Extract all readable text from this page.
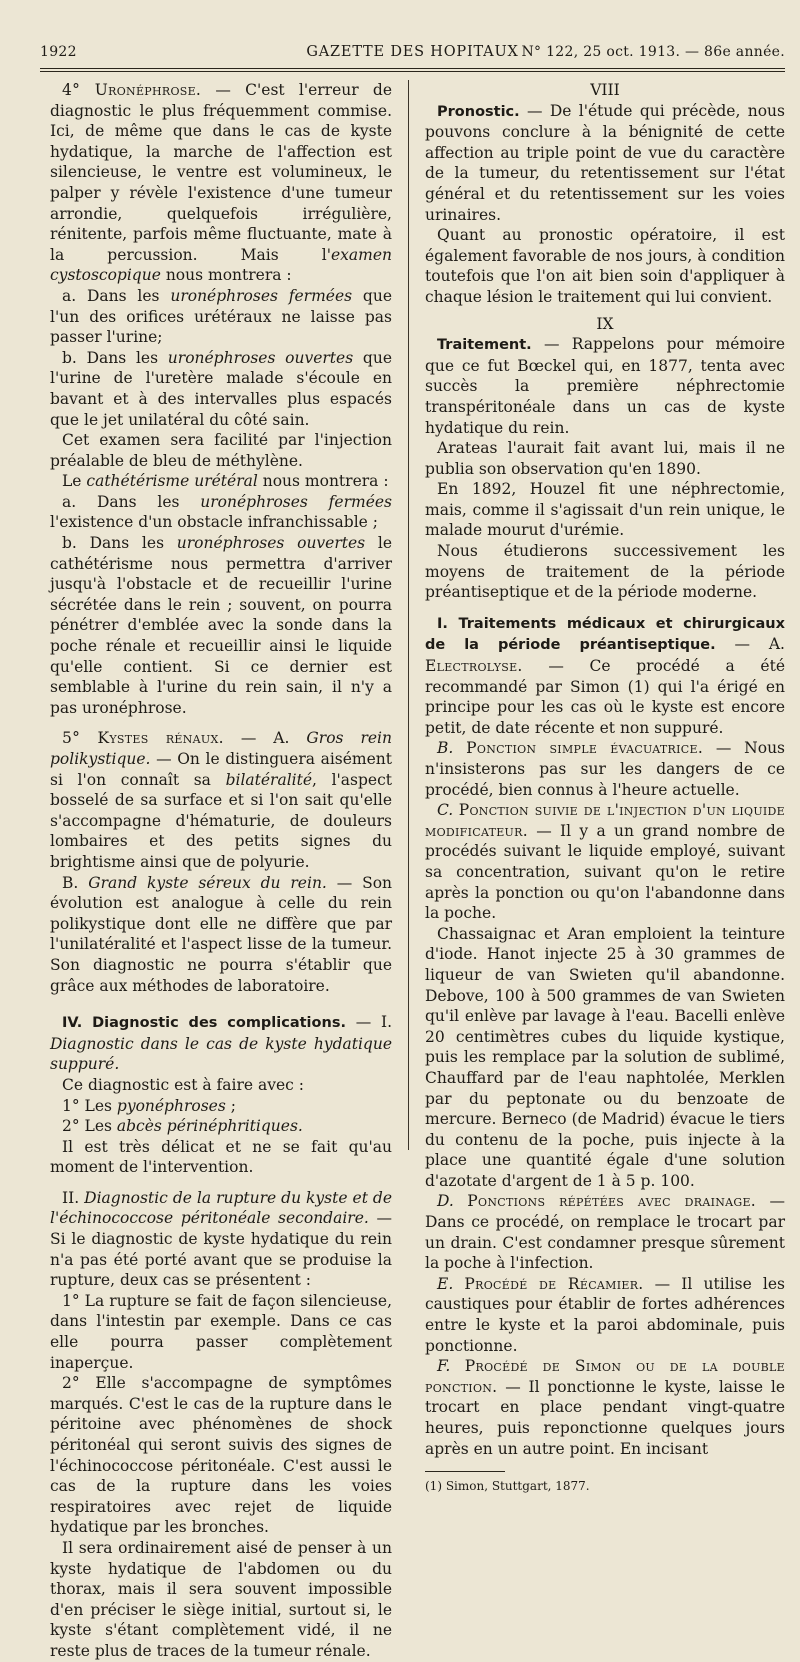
1922	GAZETTE DES HOPITAUX N° 122, 25 oct. 1913. — 86e année.

4° Uronéphrose. — C'est l'erreur de diagnostic le plus fréquemment commise. Ici, de même que dans le cas de kyste hydatique, la marche de l'affection est silencieuse, le ventre est volumineux, le palper y révèle l'existence d'une tumeur arrondie, quelquefois irrégulière, rénitente, parfois même fluctuante, mate à la percussion. Mais l'examen cystoscopique nous montrera :

a. Dans les uronéphroses fermées que l'un des orifices urétéraux ne laisse pas passer l'urine;

b. Dans les uronéphroses ouvertes que l'urine de l'uretère malade s'écoule en bavant et à des intervalles plus espacés que le jet unilatéral du côté sain.

Cet examen sera facilité par l'injection préalable de bleu de méthylène.

Le cathétérisme urétéral nous montrera :

a. Dans les uronéphroses fermées l'existence d'un obstacle infranchissable ;

b. Dans les uronéphroses ouvertes le cathétérisme nous permettra d'arriver jusqu'à l'obstacle et de recueillir l'urine sécrétée dans le rein ; souvent, on pourra pénétrer d'emblée avec la sonde dans la poche rénale et recueillir ainsi le liquide qu'elle contient. Si ce dernier est semblable à l'urine du rein sain, il n'y a pas uronéphrose.

5° Kystes rénaux. — A. Gros rein polikystique. — On le distinguera aisément si l'on connaît sa bilatéralité, l'aspect bosselé de sa surface et si l'on sait qu'elle s'accompagne d'hématurie, de douleurs lombaires et des petits signes du brightisme ainsi que de polyurie.

B. Grand kyste séreux du rein. — Son évolution est analogue à celle du rein polikystique dont elle ne diffère que par l'unilatéralité et l'aspect lisse de la tumeur. Son diagnostic ne pourra s'établir que grâce aux méthodes de laboratoire.

IV. Diagnostic des complications. — I. Diagnostic dans le cas de kyste hydatique suppuré.

Ce diagnostic est à faire avec :

1° Les pyonéphroses ;

2° Les abcès périnéphritiques.

Il est très délicat et ne se fait qu'au moment de l'intervention.

II. Diagnostic de la rupture du kyste et de l'échinococcose péritonéale secondaire. — Si le diagnostic de kyste hydatique du rein n'a pas été porté avant que se produise la rupture, deux cas se présentent :

1° La rupture se fait de façon silencieuse, dans l'intestin par exemple. Dans ce cas elle pourra passer complètement inaperçue.

2° Elle s'accompagne de symptômes marqués. C'est le cas de la rupture dans le péritoine avec phénomènes de shock péritonéal qui seront suivis des signes de l'échinococcose péritonéale. C'est aussi le cas de la rupture dans les voies respiratoires avec rejet de liquide hydatique par les bronches.

Il sera ordinairement aisé de penser à un kyste hydatique de l'abdomen ou du thorax, mais il sera souvent impossible d'en préciser le siège initial, surtout si, le kyste s'étant complètement vidé, il ne reste plus de traces de la tumeur rénale.

VIII

Pronostic. — De l'étude qui précède, nous pouvons conclure à la bénignité de cette affection au triple point de vue du caractère de la tumeur, du retentissement sur l'état général et du retentissement sur les voies urinaires.

Quant au pronostic opératoire, il est également favorable de nos jours, à condition toutefois que l'on ait bien soin d'appliquer à chaque lésion le traitement qui lui convient.

IX

Traitement. — Rappelons pour mémoire que ce fut Bœckel qui, en 1877, tenta avec succès la première néphrectomie transpéritonéale dans un cas de kyste hydatique du rein.

Arateas l'aurait fait avant lui, mais il ne publia son observation qu'en 1890.

En 1892, Houzel fit une néphrectomie, mais, comme il s'agissait d'un rein unique, le malade mourut d'urémie.

Nous étudierons successivement les moyens de traitement de la période préantiseptique et de la période moderne.

I. Traitements médicaux et chirurgicaux de la période préantiseptique. — A. Electrolyse. — Ce procédé a été recommandé par Simon (1) qui l'a érigé en principe pour les cas où le kyste est encore petit, de date récente et non suppuré.

B. Ponction simple évacuatrice. — Nous n'insisterons pas sur les dangers de ce procédé, bien connus à l'heure actuelle.

C. Ponction suivie de l'injection d'un liquide modificateur. — Il y a un grand nombre de procédés suivant le liquide employé, suivant sa concentration, suivant qu'on le retire après la ponction ou qu'on l'abandonne dans la poche.

Chassaignac et Aran emploient la teinture d'iode. Hanot injecte 25 à 30 grammes de liqueur de van Swieten qu'il abandonne. Debove, 100 à 500 grammes de van Swieten qu'il enlève par lavage à l'eau. Bacelli enlève 20 centimètres cubes du liquide kystique, puis les remplace par la solution de sublimé, Chauffard par de l'eau naphtolée, Merklen par du peptonate ou du benzoate de mercure. Berneco (de Madrid) évacue le tiers du contenu de la poche, puis injecte à la place une quantité égale d'une solution d'azotate d'argent de 1 à 5 p. 100.

D. Ponctions répétées avec drainage. — Dans ce procédé, on remplace le trocart par un drain. C'est condamner presque sûrement la poche à l'infection.

E. Procédé de Récamier. — Il utilise les caustiques pour établir de fortes adhérences entre le kyste et la paroi abdominale, puis ponctionne.

F. Procédé de Simon ou de la double ponction. — Il ponctionne le kyste, laisse le trocart en place pendant vingt-quatre heures, puis reponctionne quelques jours après en un autre point. En incisant

(1) Simon, Stuttgart, 1877.
